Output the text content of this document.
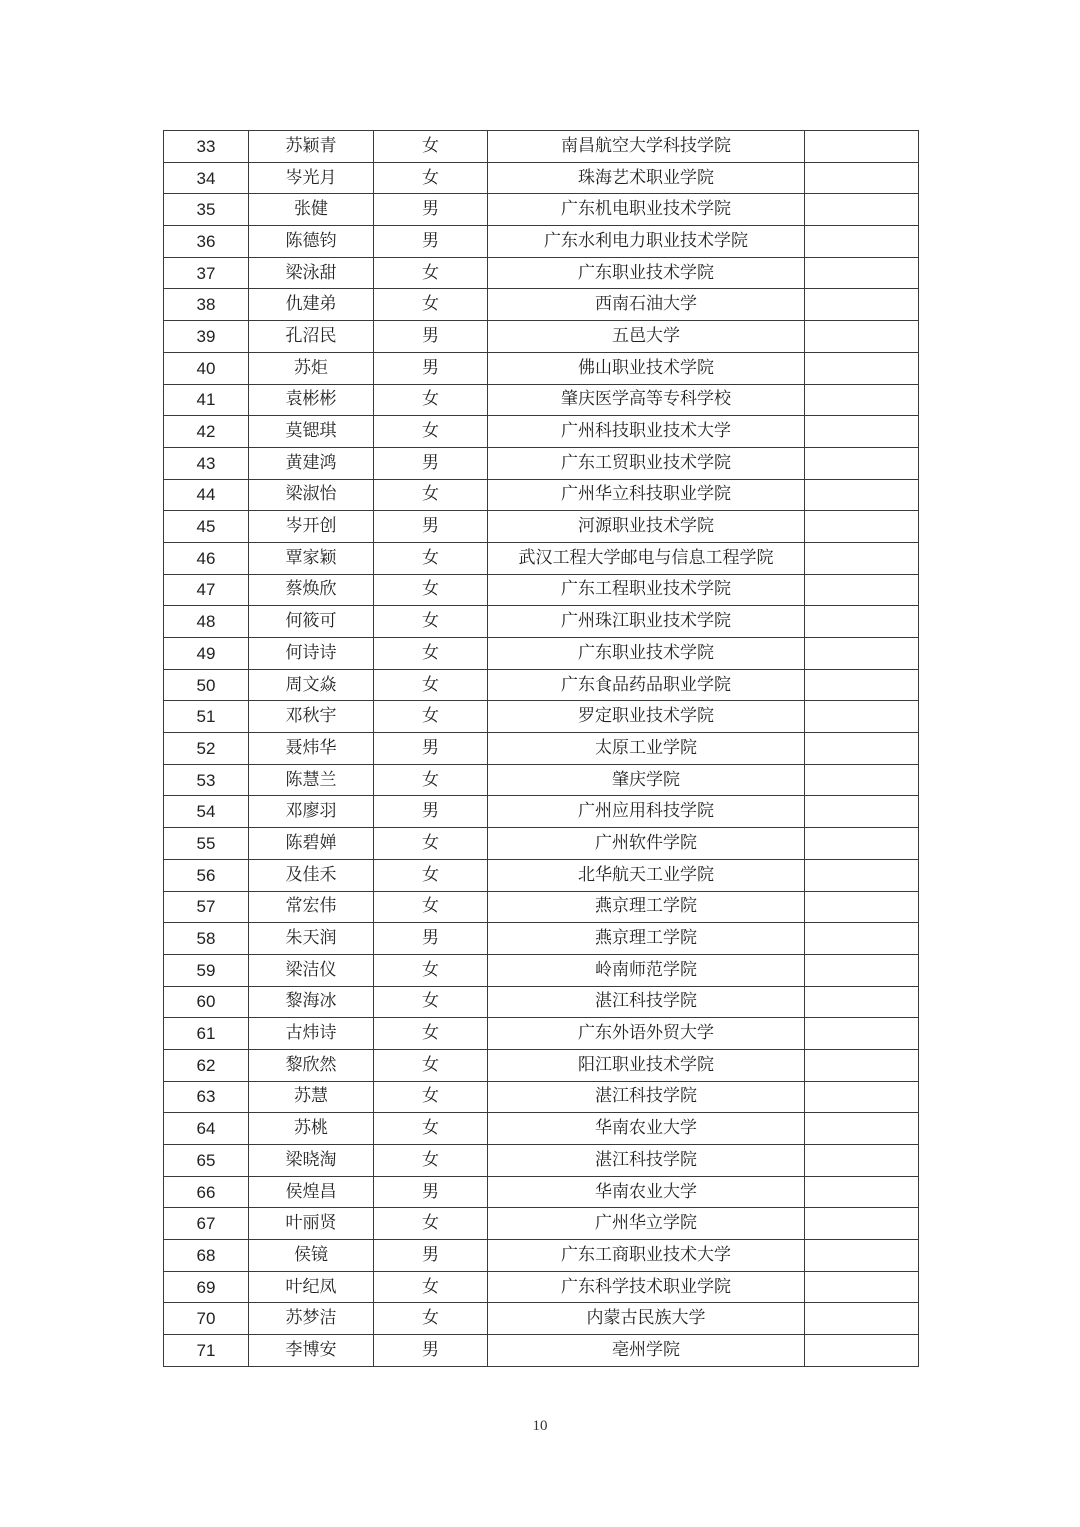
33	苏颖青	女	南昌航空大学科技学院	
34	岑光月	女	珠海艺术职业学院	
35	张健	男	广东机电职业技术学院	
36	陈德钧	男	广东水利电力职业技术学院	
37	梁泳甜	女	广东职业技术学院	
38	仇建弟	女	西南石油大学	
39	孔沼民	男	五邑大学	
40	苏炬	男	佛山职业技术学院	
41	袁彬彬	女	肇庆医学高等专科学校	
42	莫锶琪	女	广州科技职业技术大学	
43	黄建鸿	男	广东工贸职业技术学院	
44	梁淑怡	女	广州华立科技职业学院	
45	岑开创	男	河源职业技术学院	
46	覃家颖	女	武汉工程大学邮电与信息工程学院	
47	蔡焕欣	女	广东工程职业技术学院	
48	何筱可	女	广州珠江职业技术学院	
49	何诗诗	女	广东职业技术学院	
50	周文焱	女	广东食品药品职业学院	
51	邓秋宇	女	罗定职业技术学院	
52	聂炜华	男	太原工业学院	
53	陈慧兰	女	肇庆学院	
54	邓廖羽	男	广州应用科技学院	
55	陈碧婵	女	广州软件学院	
56	及佳禾	女	北华航天工业学院	
57	常宏伟	女	燕京理工学院	
58	朱天润	男	燕京理工学院	
59	梁洁仪	女	岭南师范学院	
60	黎海冰	女	湛江科技学院	
61	古炜诗	女	广东外语外贸大学	
62	黎欣然	女	阳江职业技术学院	
63	苏慧	女	湛江科技学院	
64	苏桃	女	华南农业大学	
65	梁晓淘	女	湛江科技学院	
66	侯煌昌	男	华南农业大学	
67	叶丽贤	女	广州华立学院	
68	侯镜	男	广东工商职业技术大学	
69	叶纪凤	女	广东科学技术职业学院	
70	苏梦洁	女	内蒙古民族大学	
71	李博安	男	亳州学院	
10
